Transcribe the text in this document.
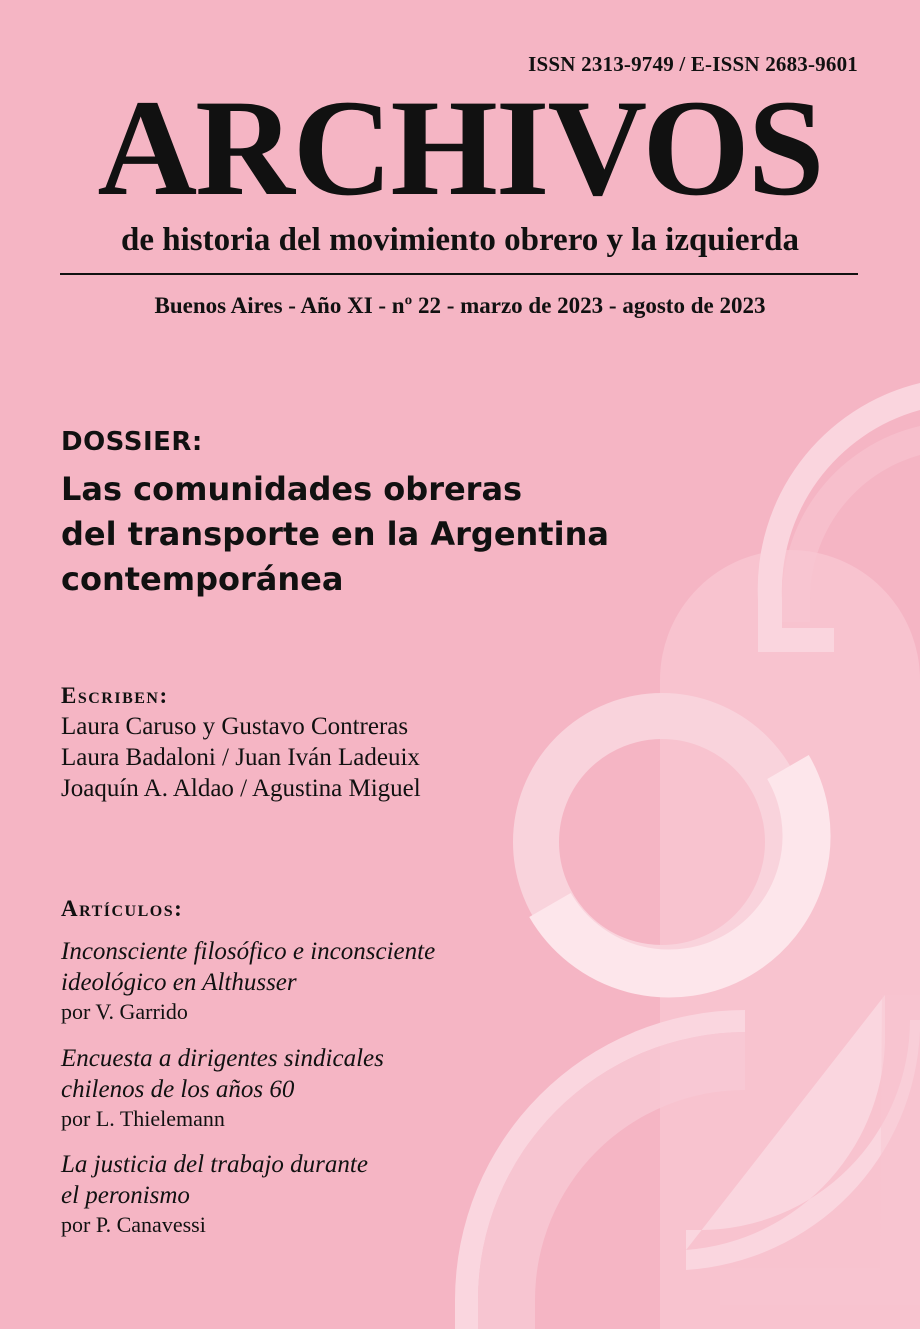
ISSN 2313-9749 / E-ISSN 2683-9601

ARCHIVOS
de historia del movimiento obrero y la izquierda

Buenos Aires - Año XI - nº 22 - marzo de 2023 - agosto de 2023

DOSSIER:

Las comunidades obreras
del transporte en la Argentina
contemporánea

Escriben:

Laura Caruso y Gustavo Contreras
Laura Badaloni / Juan Iván Ladeuix
Joaquín A. Aldao / Agustina Miguel

Artículos:

Inconsciente filosófico e inconsciente
ideológico en Althusser
por V. Garrido
Encuesta a dirigentes sindicales
chilenos de los años 60
por L. Thielemann
La justicia del trabajo durante
el peronismo
por P. Canavessi
